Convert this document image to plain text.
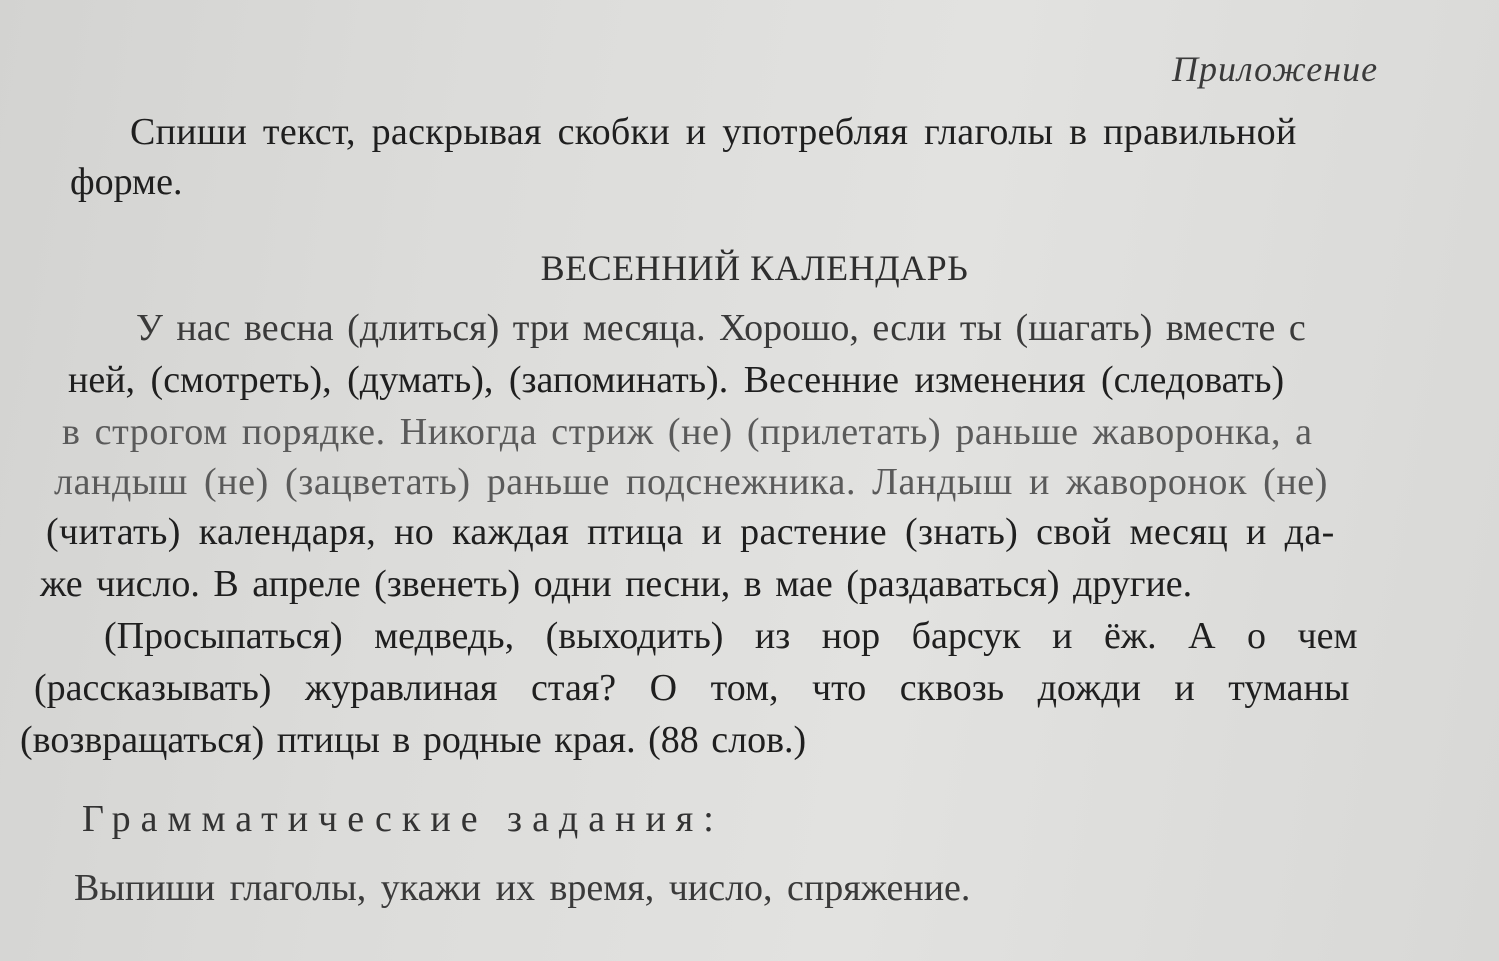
Приложение
Спиши текст, раскрывая скобки и употребляя глаголы в правильной
форме.
ВЕСЕННИЙ КАЛЕНДАРЬ
У нас весна (длиться) три месяца. Хорошо, если ты (шагать) вместе с
ней, (смотреть), (думать), (запоминать). Весенние изменения (следовать)
в строгом порядке. Никогда стриж (не) (прилетать) раньше жаворонка, а
ландыш (не) (зацветать) раньше подснежника. Ландыш и жаворонок (не)
(читать) календаря, но каждая птица и растение (знать) свой месяц и да-
же число. В апреле (звенеть) одни песни, в мае (раздаваться) другие.
(Просыпаться) медведь, (выходить) из нор барсук и ёж. А о чем
(рассказывать) журавлиная стая? О том, что сквозь дожди и туманы
(возвращаться) птицы в родные края. (88 слов.)
Грамматические задания:
Выпиши глаголы, укажи их время, число, спряжение.
